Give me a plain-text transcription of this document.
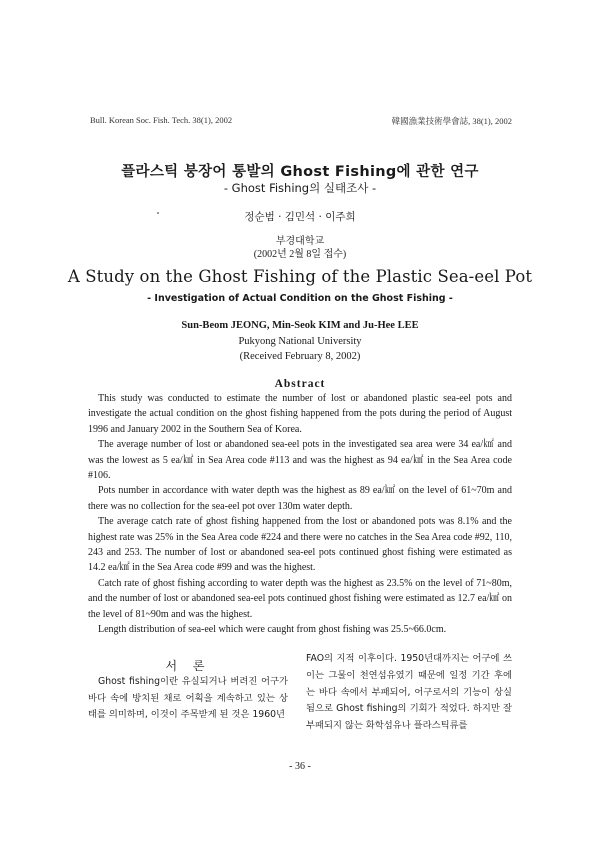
Bull. Korean Soc. Fish. Tech. 38(1), 2002	韓國漁業技術學會誌, 38(1), 2002
플라스틱 붕장어 통발의 Ghost Fishing에 관한 연구
- Ghost Fishing의 실태조사 -
정순범 · 김민석 · 이주희
부경대학교
(2002년 2월 8일 접수)
A Study on the Ghost Fishing of the Plastic Sea-eel Pot
- Investigation of Actual Condition on the Ghost Fishing -
Sun-Beom JEONG, Min-Seok KIM and Ju-Hee LEE
Pukyong National University
(Received February 8, 2002)
Abstract

This study was conducted to estimate the number of lost or abandoned plastic sea-eel pots and investigate the actual condition on the ghost fishing happened from the pots during the period of August 1996 and January 2002 in the Southern Sea of Korea.

The average number of lost or abandoned sea-eel pots in the investigated sea area were 34 ea/㎢ and was the lowest as 5 ea/㎢ in Sea Area code #113 and was the highest as 94 ea/㎢ in the Sea Area code #106.

Pots number in accordance with water depth was the highest as 89 ea/㎢ on the level of 61~70m and there was no collection for the sea-eel pot over 130m water depth.

The average catch rate of ghost fishing happened from the lost or abandoned pots was 8.1% and the highest rate was 25% in the Sea Area code #224 and there were no catches in the Sea Area code #92, 110, 243 and 253. The number of lost or abandoned sea-eel pots continued ghost fishing were estimated as 14.2 ea/㎢ in the Sea Area code #99 and was the highest.

Catch rate of ghost fishing according to water depth was the highest as 23.5% on the level of 71~80m, and the number of lost or abandoned sea-eel pots continued ghost fishing were estimated as 12.7 ea/㎢ on the level of 81~90m and was the highest.

Length distribution of sea-eel which were caught from ghost fishing was 25.5~66.0cm.

서 론

Ghost fishing이란 유실되거나 버려진 어구가 바다 속에 방치된 채로 어획을 계속하고 있는 상태를 의미하며, 이것이 주목받게 된 것은 1960년

FAO의 지적 이후이다. 1950년대까지는 어구에 쓰이는 그물이 천연섬유였기 때문에 일정 기간 후에는 바다 속에서 부패되어, 어구로서의 기능이 상실됨으로 Ghost fishing의 기회가 적었다. 하지만 잘 부패되지 않는 화학섬유나 플라스틱류를

- 36 -
